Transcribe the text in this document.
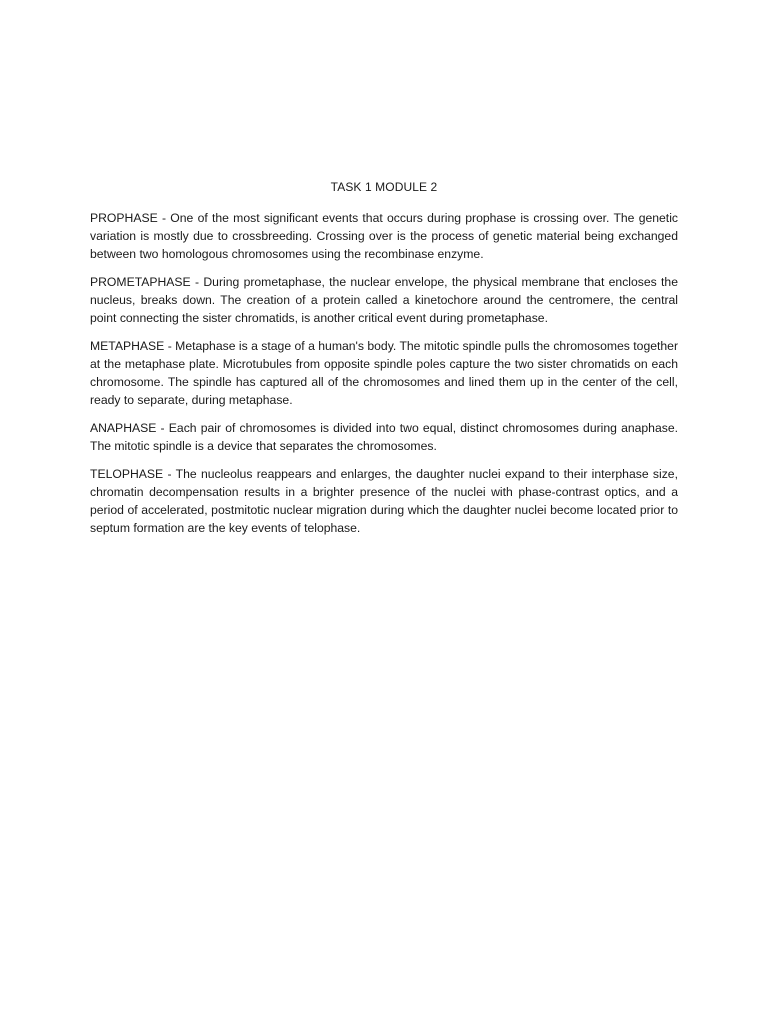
TASK 1 MODULE 2

PROPHASE - One of the most significant events that occurs during prophase is crossing over. The genetic variation is mostly due to crossbreeding. Crossing over is the process of genetic material being exchanged between two homologous chromosomes using the recombinase enzyme.

PROMETAPHASE - During prometaphase, the nuclear envelope, the physical membrane that encloses the nucleus, breaks down. The creation of a protein called a kinetochore around the centromere, the central point connecting the sister chromatids, is another critical event during prometaphase.

METAPHASE - Metaphase is a stage of a human's body. The mitotic spindle pulls the chromosomes together at the metaphase plate. Microtubules from opposite spindle poles capture the two sister chromatids on each chromosome. The spindle has captured all of the chromosomes and lined them up in the center of the cell, ready to separate, during metaphase.

ANAPHASE - Each pair of chromosomes is divided into two equal, distinct chromosomes during anaphase. The mitotic spindle is a device that separates the chromosomes.

TELOPHASE - The nucleolus reappears and enlarges, the daughter nuclei expand to their interphase size, chromatin decompensation results in a brighter presence of the nuclei with phase-contrast optics, and a period of accelerated, postmitotic nuclear migration during which the daughter nuclei become located prior to septum formation are the key events of telophase.
